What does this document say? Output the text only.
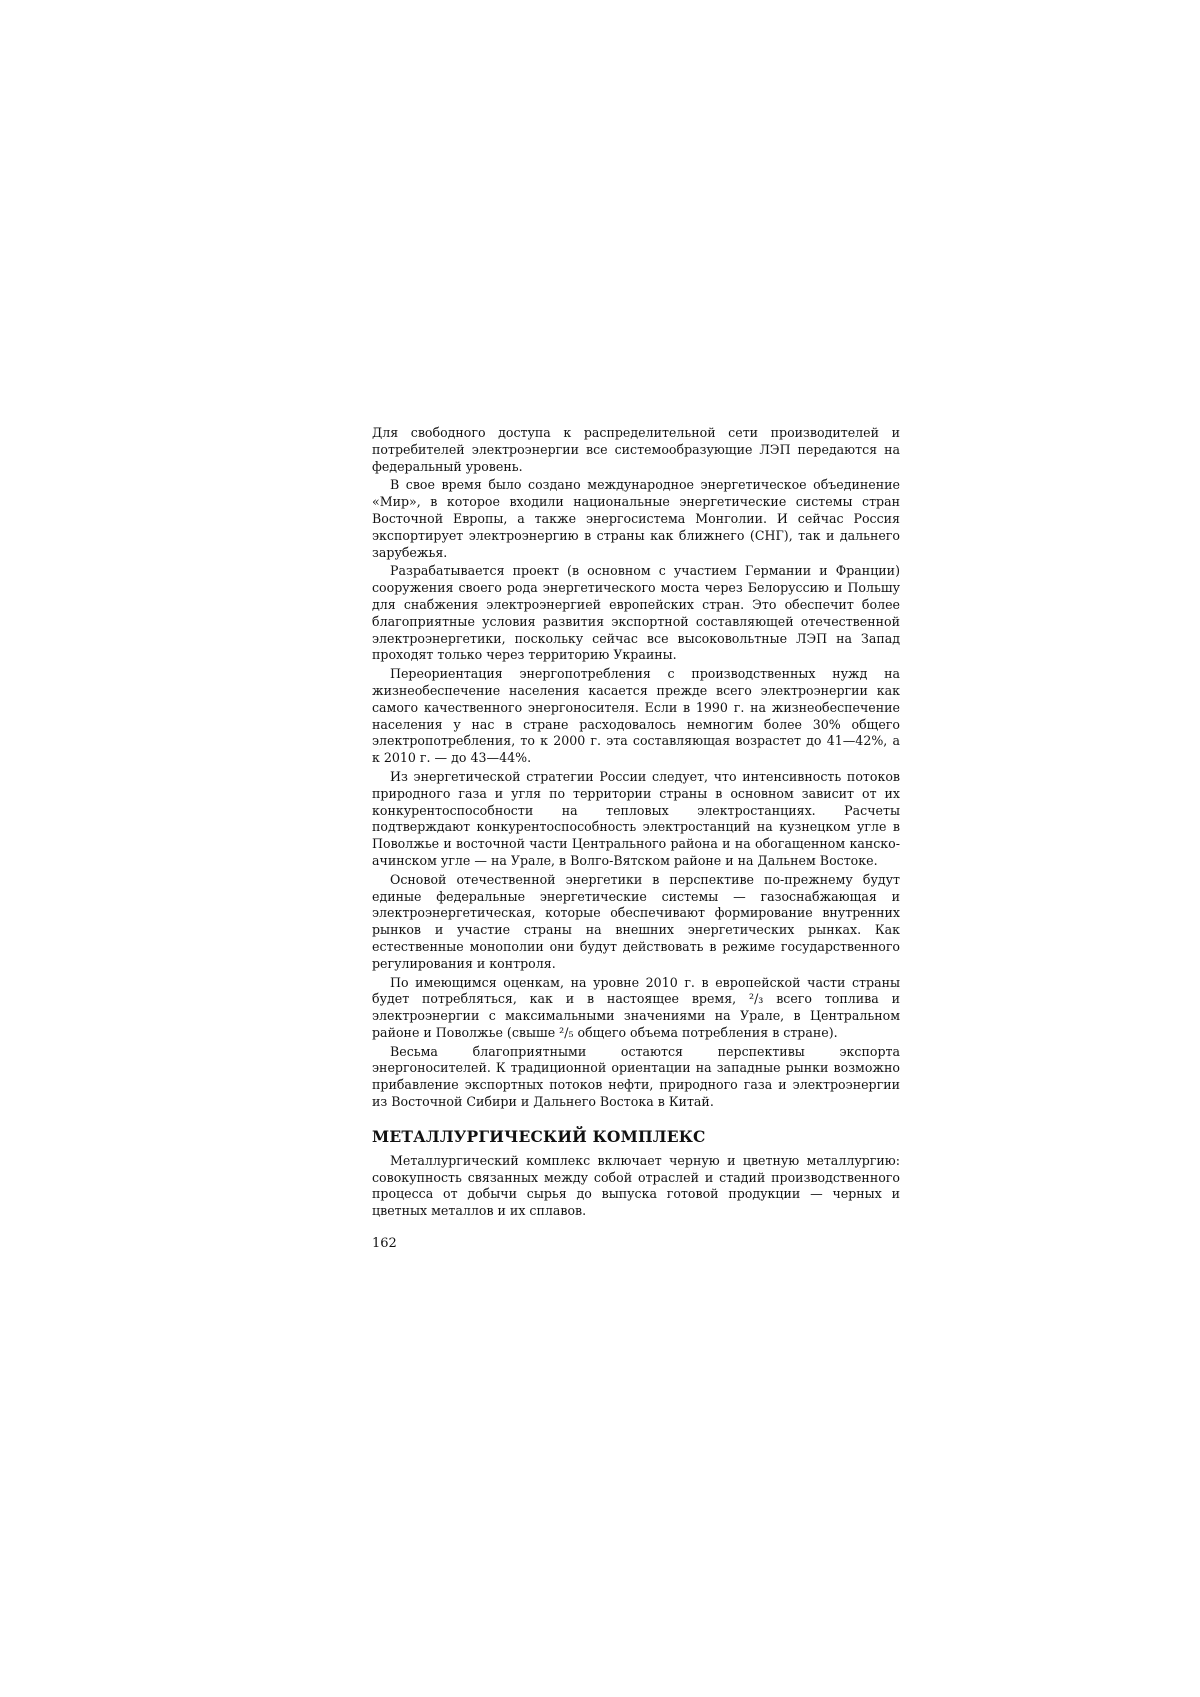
Для свободного доступа к распределительной сети производителей и потребителей электроэнергии все системообразующие ЛЭП передаются на федеральный уровень.

В свое время было создано международное энергетическое объединение «Мир», в которое входили национальные энергетические системы стран Восточной Европы, а также энергосистема Монголии. И сейчас Россия экспортирует электроэнергию в страны как ближнего (СНГ), так и дальнего зарубежья.

Разрабатывается проект (в основном с участием Германии и Франции) сооружения своего рода энергетического моста через Белоруссию и Польшу для снабжения электроэнергией европейских стран. Это обеспечит более благоприятные условия развития экспортной составляющей отечественной электроэнергетики, поскольку сейчас все высоковольтные ЛЭП на Запад проходят только через территорию Украины.

Переориентация энергопотребления с производственных нужд на жизнеобеспечение населения касается прежде всего электроэнергии как самого качественного энергоносителя. Если в 1990 г. на жизнеобеспечение населения у нас в стране расходовалось немногим более 30% общего электропотребления, то к 2000 г. эта составляющая возрастет до 41—42%, а к 2010 г. — до 43—44%.

Из энергетической стратегии России следует, что интенсивность потоков природного газа и угля по территории страны в основном зависит от их конкурентоспособности на тепловых электростанциях. Расчеты подтверждают конкурентоспособность электростанций на кузнецком угле в Поволжье и восточной части Центрального района и на обогащенном канско-ачинском угле — на Урале, в Волго-Вятском районе и на Дальнем Востоке.

Основой отечественной энергетики в перспективе по-прежнему будут единые федеральные энергетические системы — газоснабжающая и электроэнергетическая, которые обеспечивают формирование внутренних рынков и участие страны на внешних энергетических рынках. Как естественные монополии они будут действовать в режиме государственного регулирования и контроля.

По имеющимся оценкам, на уровне 2010 г. в европейской части страны будет потребляться, как и в настоящее время, ²/₃ всего топлива и электроэнергии с максимальными значениями на Урале, в Центральном районе и Поволжье (свыше ²/₅ общего объема потребления в стране).

Весьма благоприятными остаются перспективы экспорта энергоносителей. К традиционной ориентации на западные рынки возможно прибавление экспортных потоков нефти, природного газа и электроэнергии из Восточной Сибири и Дальнего Востока в Китай.

МЕТАЛЛУРГИЧЕСКИЙ КОМПЛЕКС

Металлургический комплекс включает черную и цветную металлургию: совокупность связанных между собой отраслей и стадий производственного процесса от добычи сырья до выпуска готовой продукции — черных и цветных металлов и их сплавов.

162
